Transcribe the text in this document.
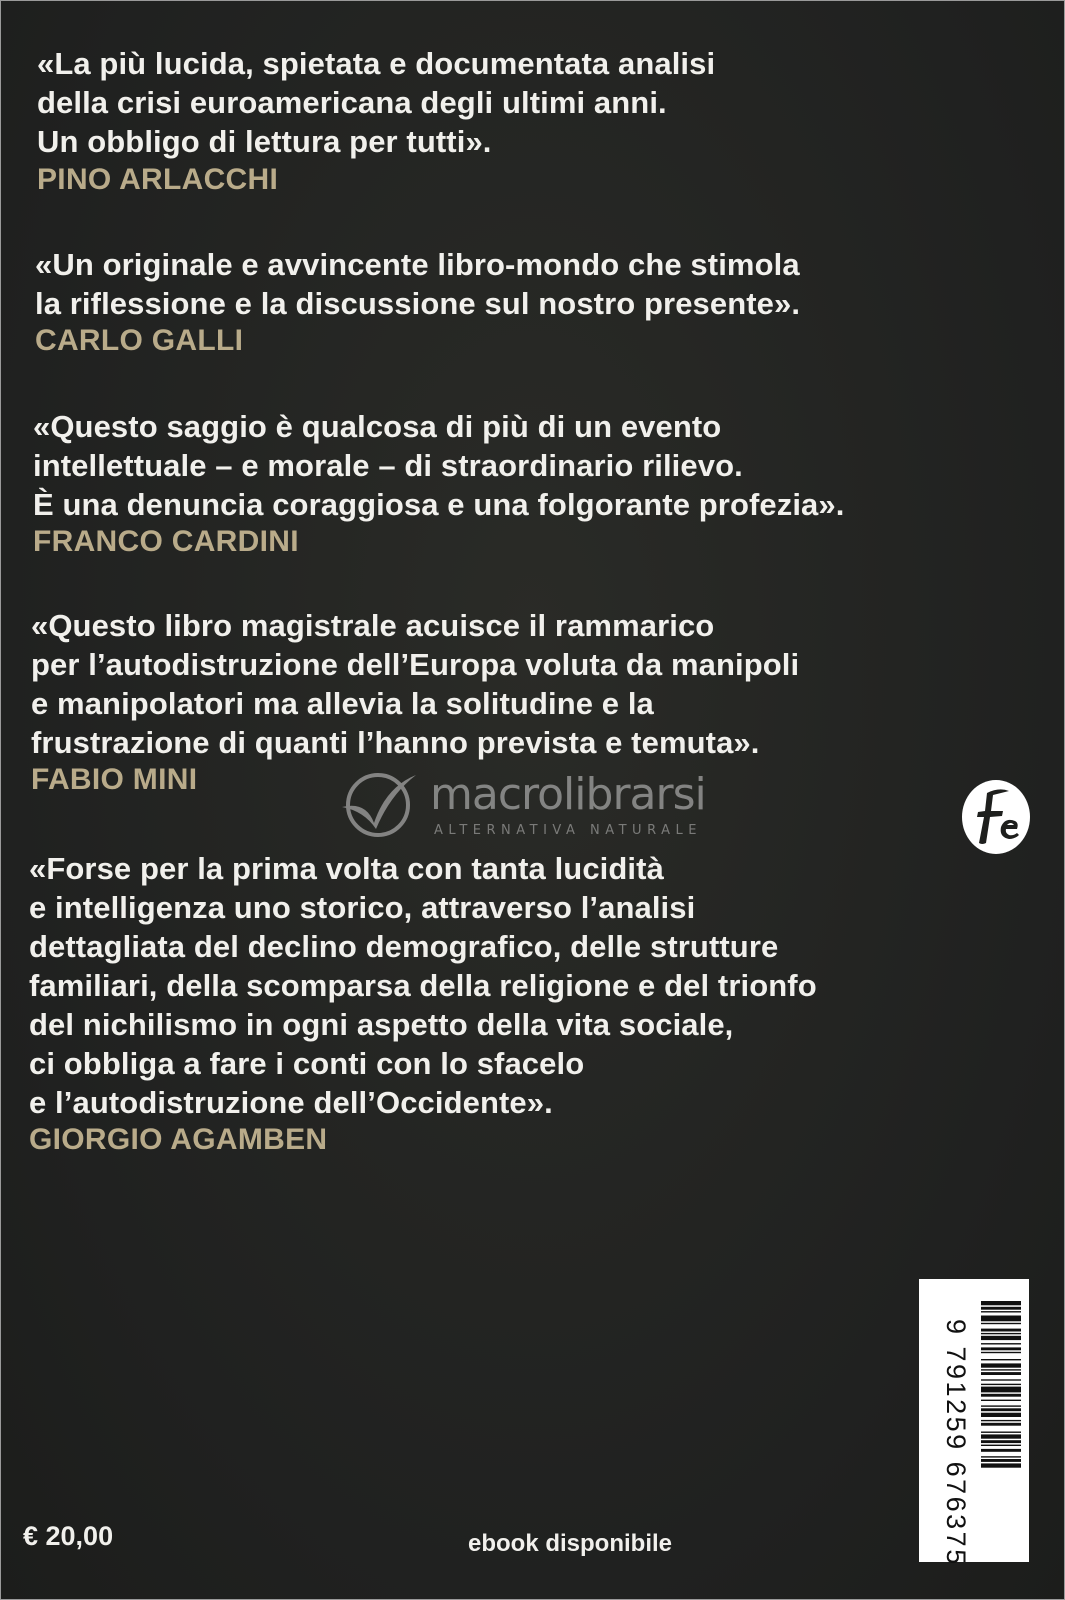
«La più lucida, spietata e documentata analisi
della crisi euroamericana degli ultimi anni.
Un obbligo di lettura per tutti».
PINO ARLACCHI
«Un originale e avvincente libro-mondo che stimola
la riflessione e la discussione sul nostro presente».
CARLO GALLI
«Questo saggio è qualcosa di più di un evento
intellettuale – e morale – di straordinario rilievo.
È una denuncia coraggiosa e una folgorante profezia».
FRANCO CARDINI
«Questo libro magistrale acuisce il rammarico
per l’autodistruzione dell’Europa voluta da manipoli
e manipolatori ma allevia la solitudine e la
frustrazione di quanti l’hanno prevista e temuta».
FABIO MINI
«Forse per la prima volta con tanta lucidità
e intelligenza uno storico, attraverso l’analisi
dettagliata del declino demografico, delle strutture
familiari, della scomparsa della religione e del trionfo
del nichilismo in ogni aspetto della vita sociale,
ci obbliga a fare i conti con lo sfacelo
e l’autodistruzione dell’Occidente».
GIORGIO AGAMBEN
macrolibrarsi
ALTERNATIVA NATURALE
9 791259 676375
€ 20,00	ebook disponibile
